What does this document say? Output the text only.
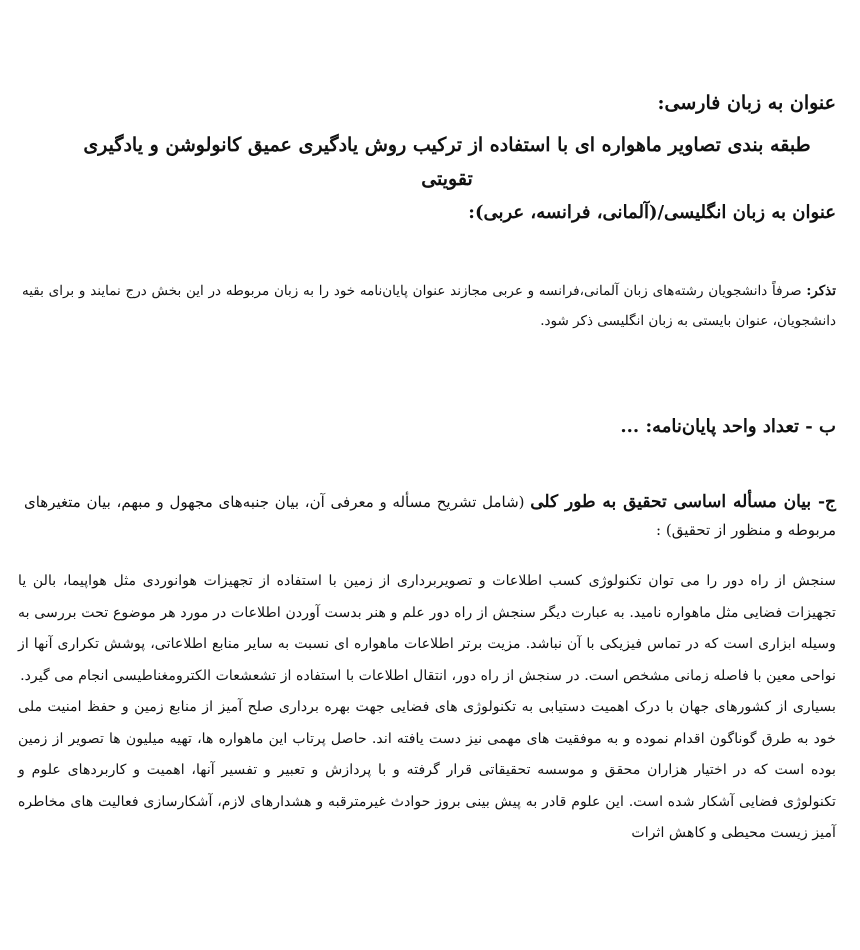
عنوان به زبان فارسی:
طبقه بندی تصاویر ماهواره ای با استفاده از ترکیب روش یادگیری عمیق کانولوشن و یادگیری تقویتی
عنوان به زبان انگلیسی/(آلمانی، فرانسه، عربی):
تذکر: صرفاً دانشجویان رشته‌های زبان آلمانی،فرانسه و عربی مجازند عنوان پایان‌نامه خود را به زبان مربوطه در این بخش درج نمایند و برای بقیه دانشجویان، عنوان بایستی به زبان انگلیسی ذکر شود.
ب - تعداد واحد پایان‌نامه: ...
ج- بیان مسأله اساسی تحقیق به طور کلی (شامل تشریح مسأله و معرفی آن، بیان جنبه‌های مجهول و مبهم، بیان متغیرهای مربوطه و منظور از تحقیق) :

سنجش از راه دور را می توان تکنولوژی کسب اطلاعات و تصویربرداری از زمین با استفاده از تجهیزات هوانوردی مثل هواپیما، بالن یا تجهیزات فضایی مثل ماهواره نامید. به عبارت دیگر سنجش از راه دور علم و هنر بدست آوردن اطلاعات در مورد هر موضوع تحت بررسی به وسیله ابزاری است که در تماس فیزیکی با آن نباشد. مزیت برتر اطلاعات ماهواره ای نسبت به سایر منابع اطلاعاتی، پوشش تکراری آنها از نواحی معین با فاصله زمانی مشخص است. در سنجش از راه دور، انتقال اطلاعات با استفاده از تشعشعات الکترومغناطیسی انجام می گیرد.

بسیاری از کشورهای جهان با درک اهمیت دستیابی به تکنولوژی های فضایی جهت بهره برداری صلح آمیز از منابع زمین و حفظ امنیت ملی خود به طرق گوناگون اقدام نموده و به موفقیت های مهمی نیز دست یافته اند. حاصل پرتاب این ماهواره ها، تهیه میلیون ها تصویر از زمین بوده است که در اختیار هزاران محقق و موسسه تحقیقاتی قرار گرفته و با پردازش و تعبیر و تفسیر آنها، اهمیت و کاربردهای علوم و تکنولوژی فضایی آشکار شده است. این علوم قادر به پیش بینی بروز حوادث غیرمترقبه و هشدارهای لازم، آشکارسازی فعالیت های مخاطره آمیز زیست محیطی و کاهش اثرات
